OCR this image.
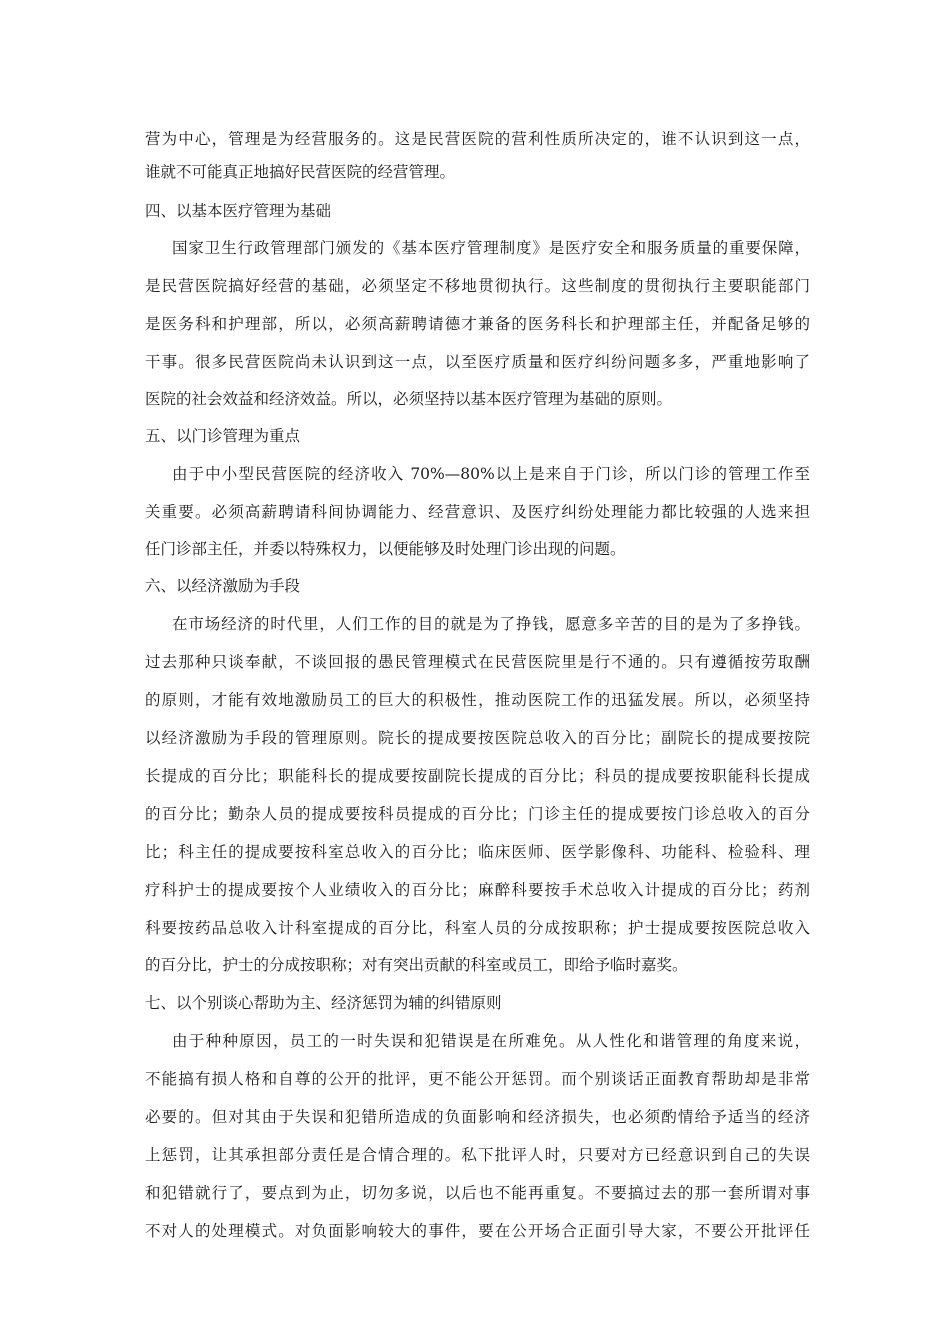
营为中心，管理是为经营服务的。这是民营医院的营利性质所决定的，谁不认识到这一点，
谁就不可能真正地搞好民营医院的经营管理。
四、以基本医疗管理为基础
国家卫生行政管理部门颁发的《基本医疗管理制度》是医疗安全和服务质量的重要保障，
是民营医院搞好经营的基础，必须坚定不移地贯彻执行。这些制度的贯彻执行主要职能部门
是医务科和护理部，所以，必须高薪聘请德才兼备的医务科长和护理部主任，并配备足够的
干事。很多民营医院尚未认识到这一点，以至医疗质量和医疗纠纷问题多多，严重地影响了
医院的社会效益和经济效益。所以，必须坚持以基本医疗管理为基础的原则。
五、以门诊管理为重点
由于中小型民营医院的经济收入 70%—80%以上是来自于门诊，所以门诊的管理工作至
关重要。必须高薪聘请科间协调能力、经营意识、及医疗纠纷处理能力都比较强的人选来担
任门诊部主任，并委以特殊权力，以便能够及时处理门诊出现的问题。
六、以经济激励为手段
在市场经济的时代里，人们工作的目的就是为了挣钱，愿意多辛苦的目的是为了多挣钱。
过去那种只谈奉献，不谈回报的愚民管理模式在民营医院里是行不通的。只有遵循按劳取酬
的原则，才能有效地激励员工的巨大的积极性，推动医院工作的迅猛发展。所以，必须坚持
以经济激励为手段的管理原则。院长的提成要按医院总收入的百分比；副院长的提成要按院
长提成的百分比；职能科长的提成要按副院长提成的百分比；科员的提成要按职能科长提成
的百分比；勤杂人员的提成要按科员提成的百分比；门诊主任的提成要按门诊总收入的百分
比；科主任的提成要按科室总收入的百分比；临床医师、医学影像科、功能科、检验科、理
疗科护士的提成要按个人业绩收入的百分比；麻醉科要按手术总收入计提成的百分比；药剂
科要按药品总收入计科室提成的百分比，科室人员的分成按职称；护士提成要按医院总收入
的百分比，护士的分成按职称；对有突出贡献的科室或员工，即给予临时嘉奖。
七、以个别谈心帮助为主、经济惩罚为辅的纠错原则
由于种种原因，员工的一时失误和犯错误是在所难免。从人性化和谐管理的角度来说，
不能搞有损人格和自尊的公开的批评，更不能公开惩罚。而个别谈话正面教育帮助却是非常
必要的。但对其由于失误和犯错所造成的负面影响和经济损失，也必须酌情给予适当的经济
上惩罚，让其承担部分责任是合情合理的。私下批评人时，只要对方已经意识到自己的失误
和犯错就行了，要点到为止，切勿多说，以后也不能再重复。不要搞过去的那一套所谓对事
不对人的处理模式。对负面影响较大的事件，要在公开场合正面引导大家，不要公开批评任
